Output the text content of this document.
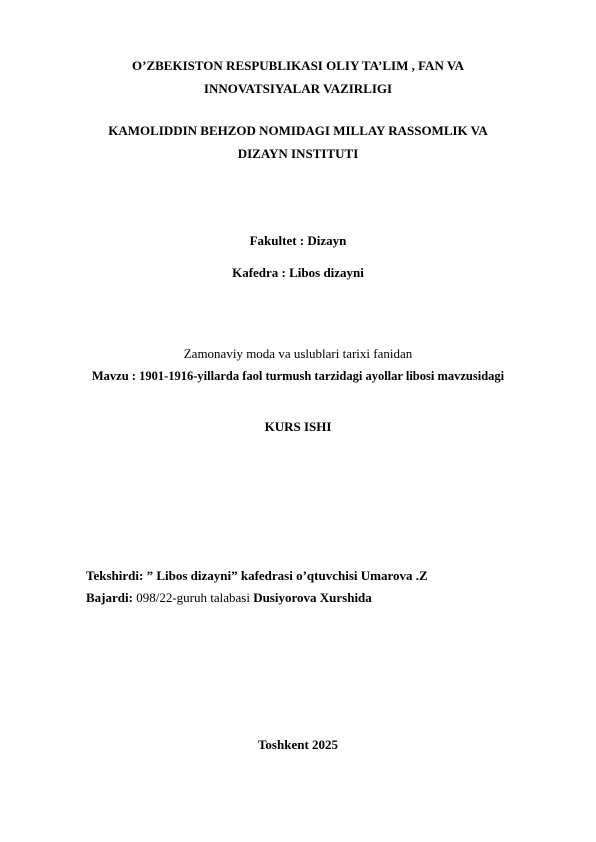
O’ZBEKISTON RESPUBLIKASI OLIY TA’LIM , FAN VA
INNOVATSIYALAR VAZIRLIGI
KAMOLIDDIN BEHZOD NOMIDAGI MILLAY RASSOMLIK VA
DIZAYN INSTITUTI
Fakultet : Dizayn
Kafedra : Libos dizayni
Zamonaviy moda va uslublari tarixi fanidan
Mavzu : 1901-1916-yillarda faol turmush tarzidagi ayollar libosi mavzusidagi
KURS ISHI
Tekshirdi: ” Libos dizayni” kafedrasi o’qtuvchisi Umarova .Z
Bajardi: 098/22-guruh talabasi Dusiyorova Xurshida
Toshkent 2025
